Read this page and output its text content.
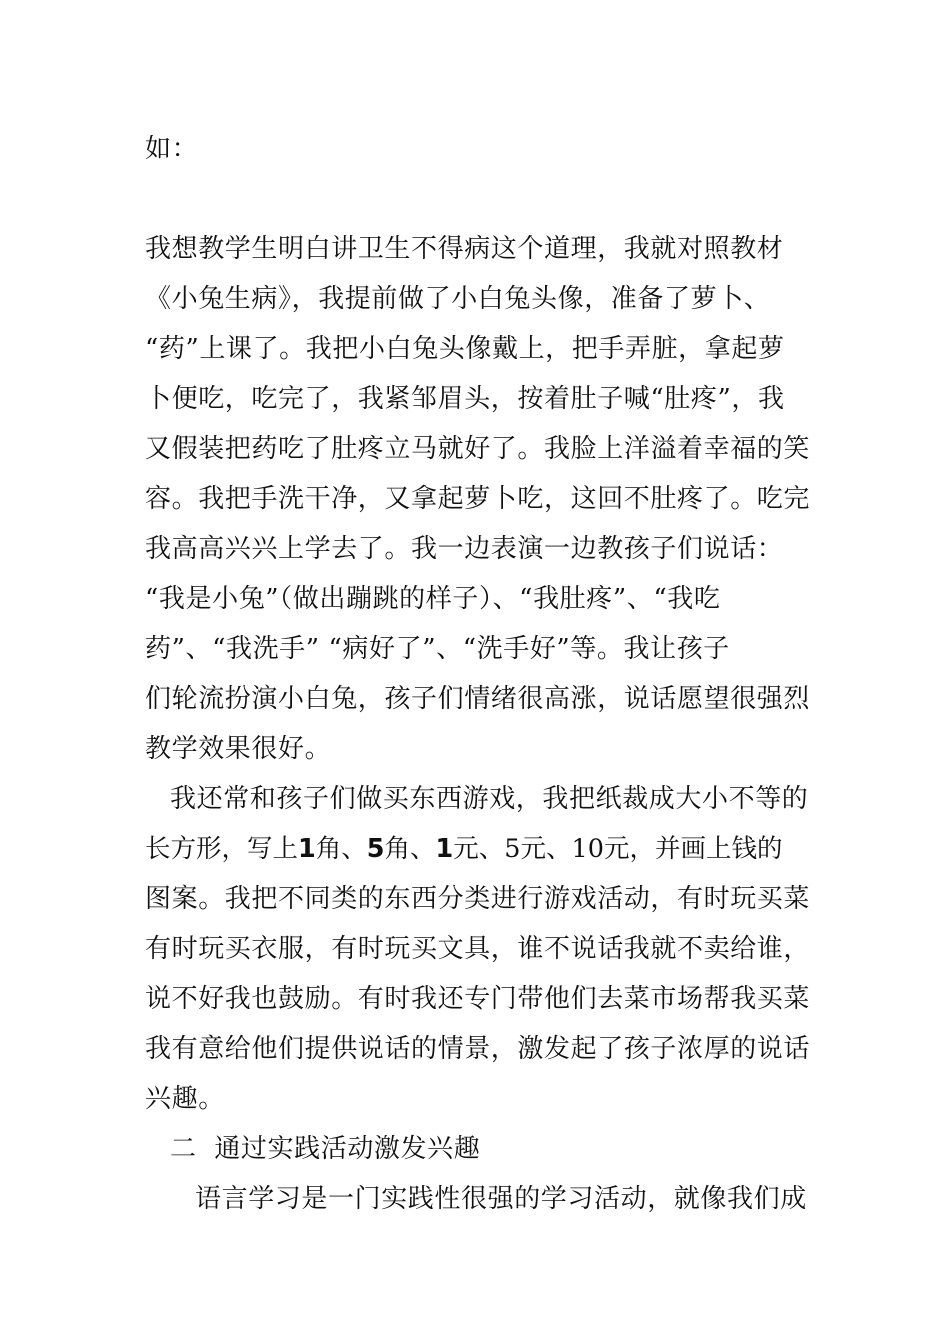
如：
我想教学生明白讲卫生不得病这个道理，我就对照教材
《小兔生病》，我提前做了小白兔头像，准备了萝卜、
“药”上课了。我把小白兔头像戴上，把手弄脏，拿起萝
卜便吃，吃完了，我紧邹眉头，按着肚子喊“肚疼”，我
又假装把药吃了肚疼立马就好了。我脸上洋溢着幸福的笑
容。我把手洗干净，又拿起萝卜吃，这回不肚疼了。吃完
我高高兴兴上学去了。我一边表演一边教孩子们说话：
“我是小兔”（做出蹦跳的样子）、“我肚疼”、“我吃
药”、“我洗手” “病好了”、“洗手好”等。我让孩子
们轮流扮演小白兔，孩子们情绪很高涨，说话愿望很强烈
教学效果很好。
我还常和孩子们做买东西游戏，我把纸裁成大小不等的
长方形，写上1角、5角、1元、5元、10元，并画上钱的
图案。我把不同类的东西分类进行游戏活动，有时玩买菜
有时玩买衣服，有时玩买文具，谁不说话我就不卖给谁，
说不好我也鼓励。有时我还专门带他们去菜市场帮我买菜
我有意给他们提供说话的情景，激发起了孩子浓厚的说话
兴趣。
二  通过实践活动激发兴趣
语言学习是一门实践性很强的学习活动，就像我们成
